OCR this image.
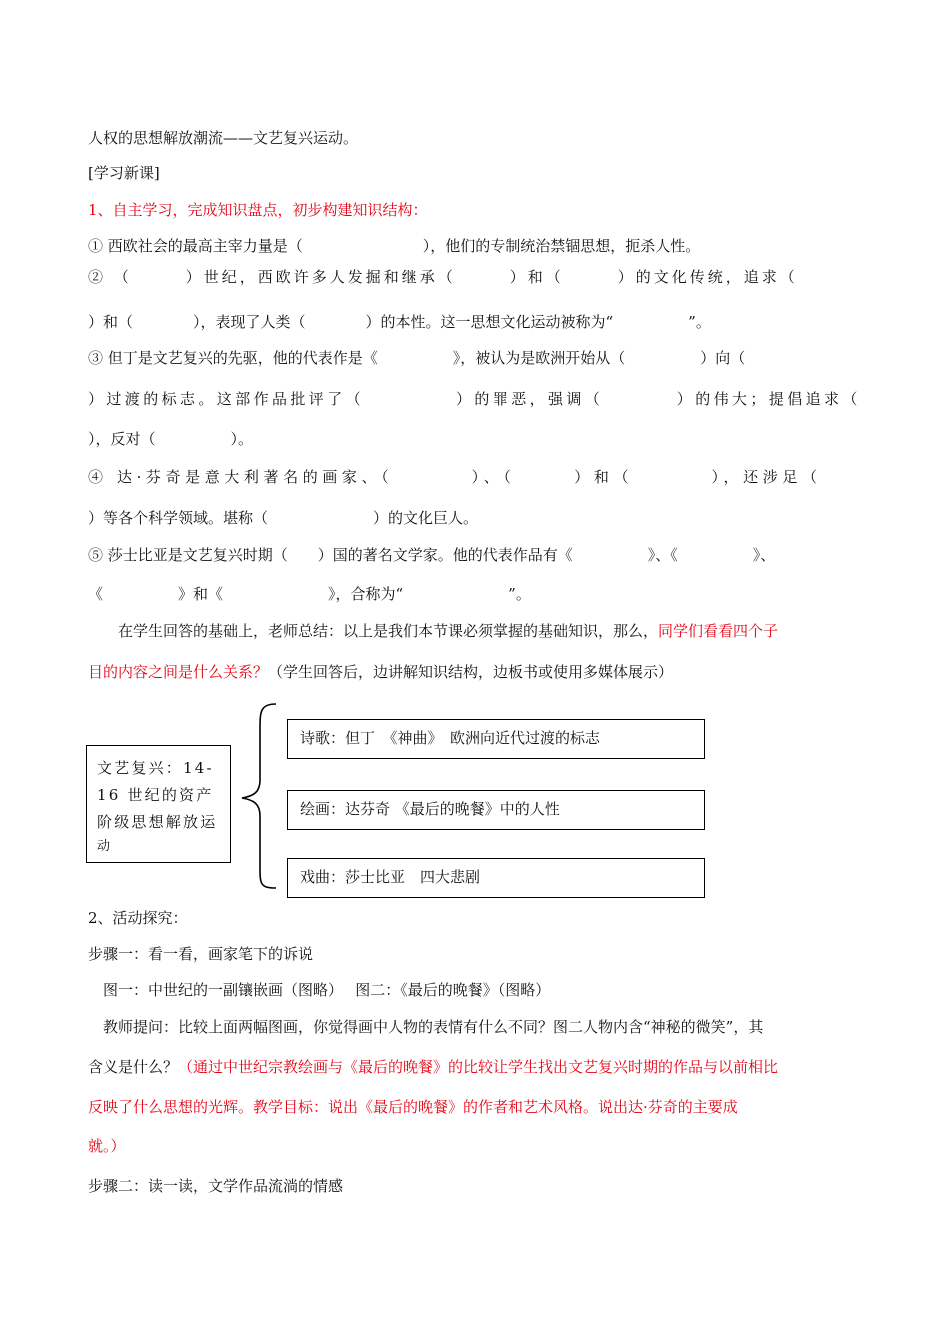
人权的思想解放潮流——文艺复兴运动。
[学习新课]
1、自主学习，完成知识盘点，初步构建知识结构：
① 西欧社会的最高主宰力量是（　　　　　　　　），他们的专制统治禁锢思想，扼杀人性。
② （　　　）世纪，西欧许多人发掘和继承（　　　）和（　　　）的文化传统，追求（
）和（　　　　），表现了人类（　　　　）的本性。这一思想文化运动被称为“　　　　　”。
③ 但丁是文艺复兴的先驱，他的代表作是《　　　　　》，被认为是欧洲开始从（　　　　　）向（
）过渡的标志。这部作品批评了（　　　　　）的罪恶，强调（　　　　）的伟大；提倡追求（
），反对（　　　　　）。
④ 达·芬奇是意大利著名的画家、（　　　　）、（　　　）和（　　　　），还涉足（
）等各个科学领域。堪称（　　　　　　　）的文化巨人。
⑤ 莎士比亚是文艺复兴时期（　　）国的著名文学家。他的代表作品有《　　　　　》、《　　　　　》、
《　　　　　》和《　　　　　　　》，合称为“　　　　　　　”。
　　在学生回答的基础上，老师总结：以上是我们本节课必须掌握的基础知识，那么，同学们看看四个子
目的内容之间是什么关系？（学生回答后，边讲解知识结构，边板书或使用多媒体展示）
文艺复兴：14-
16 世纪的资产
阶级思想解放运
动
诗歌：但丁　《神曲》　欧洲向近代过渡的标志
绘画：达芬奇 《最后的晚餐》中的人性
戏曲：莎士比亚　四大悲剧
2、活动探究：
步骤一：看一看，画家笔下的诉说
　图一：中世纪的一副镶嵌画（图略）　 图二：《最后的晚餐》（图略）
　教师提问：比较上面两幅图画，你觉得画中人物的表情有什么不同？图二人物内含“神秘的微笑”，其
含义是什么？（通过中世纪宗教绘画与《最后的晚餐》的比较让学生找出文艺复兴时期的作品与以前相比
反映了什么思想的光辉。教学目标：说出《最后的晚餐》的作者和艺术风格。说出达·芬奇的主要成
就。）
步骤二：读一读，文学作品流淌的情感
